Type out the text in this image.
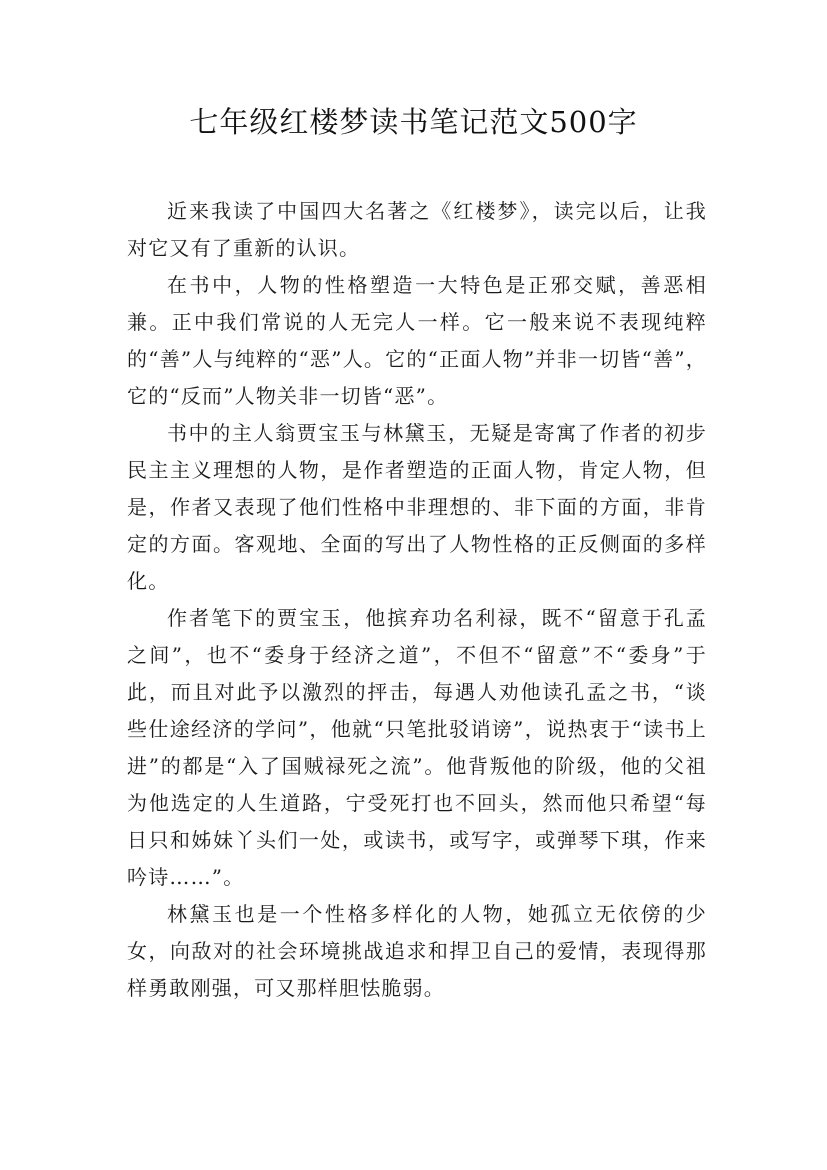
七年级红楼梦读书笔记范文500字

近来我读了中国四大名著之《红楼梦》，读完以后，让我对它又有了重新的认识。

在书中，人物的性格塑造一大特色是正邪交赋，善恶相兼。正中我们常说的人无完人一样。它一般来说不表现纯粹的“善”人与纯粹的“恶”人。它的“正面人物”并非一切皆“善”，它的“反而”人物关非一切皆“恶”。

书中的主人翁贾宝玉与林黛玉，无疑是寄寓了作者的初步民主主义理想的人物，是作者塑造的正面人物，肯定人物，但是，作者又表现了他们性格中非理想的、非下面的方面，非肯定的方面。客观地、全面的写出了人物性格的正反侧面的多样化。

作者笔下的贾宝玉，他摈弃功名利禄，既不“留意于孔孟之间”，也不“委身于经济之道”，不但不“留意”不“委身”于此，而且对此予以激烈的抨击，每遇人劝他读孔孟之书，“谈些仕途经济的学问”，他就“只笔批驳诮谤”，说热衷于“读书上进”的都是“入了国贼禄死之流”。他背叛他的阶级，他的父祖为他选定的人生道路，宁受死打也不回头，然而他只希望“每日只和姊妹丫头们一处，或读书，或写字，或弹琴下琪，作来吟诗……”。

林黛玉也是一个性格多样化的人物，她孤立无依傍的少女，向敌对的社会环境挑战追求和捍卫自己的爱情，表现得那样勇敢刚强，可又那样胆怯脆弱。
